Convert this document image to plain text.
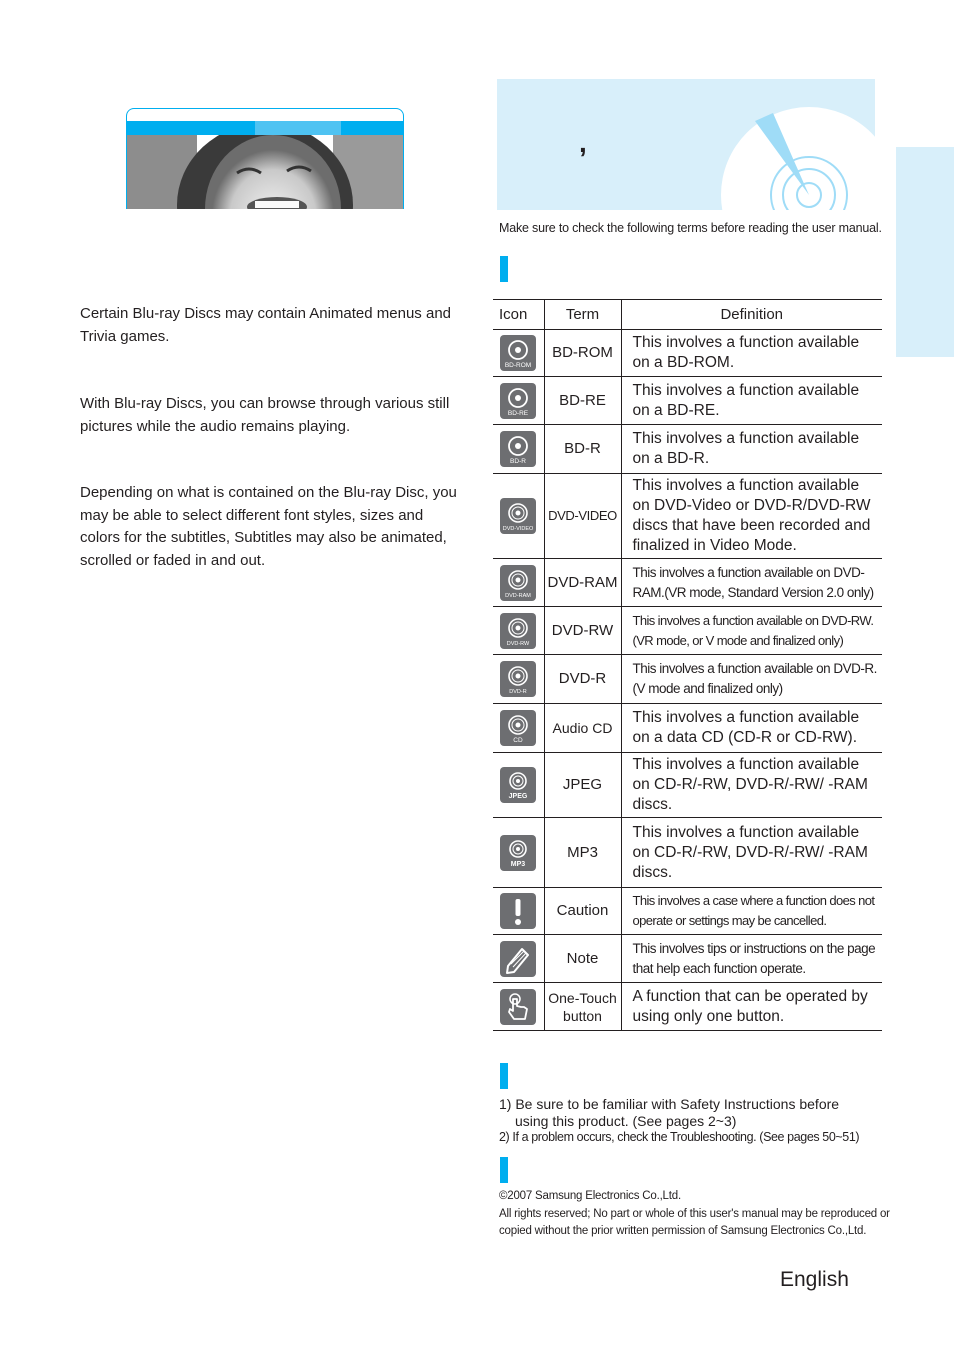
Certain Blu-ray Discs may contain Animated menus and Trivia games.
With Blu-ray Discs, you can browse through various still pictures while the audio remains playing.
Depending on what is contained on the Blu-ray Disc, you may be able to select different font styles, sizes and colors for the subtitles, Subtitles may also be animated, scrolled or faded in and out.
,
Make sure to check the following terms before reading the user manual.
Icon	Term	Definition

BD-ROM	BD-ROM	This involves a function available on a BD-ROM.

BD-RE	BD-RE	This involves a function available on a BD-RE.

BD-R	BD-R	This involves a function available on a BD-R.

DVD-VIDEO	DVD-VIDEO	This involves a function available on DVD-Video or DVD-R/DVD-RW discs that have been recorded and finalized in Video Mode.

DVD-RAM	DVD-RAM	This involves a function available on DVD-RAM.(VR mode, Standard Version 2.0 only)

DVD-RW	DVD-RW	This involves a function available on DVD-RW.(VR mode, or V mode and finalized only)

DVD-R	DVD-R	This involves a function available on DVD-R.(V mode and finalized only)

CD	Audio CD	This involves a function available on a data CD (CD-R or CD-RW).

JPEG	JPEG	This involves a function available on CD-R/-RW, DVD-R/-RW/ -RAM discs.

MP3	MP3	This involves a function available on CD-R/-RW, DVD-R/-RW/ -RAM discs.

	Caution	This involves a case where a function does not operate or settings may be cancelled.

	Note	This involves tips or instructions on the page that help each function operate.

	One-Touch button	A function that can be operated by using only one button.
1) Be sure to be familiar with Safety Instructions before
using this product. (See pages 2~3)
2) If a problem occurs, check the Troubleshooting. (See pages 50~51)
©2007 Samsung Electronics Co.,Ltd.
All rights reserved; No part or whole of this user's manual may be reproduced or
copied without the prior written permission of Samsung Electronics Co.,Ltd.
English
